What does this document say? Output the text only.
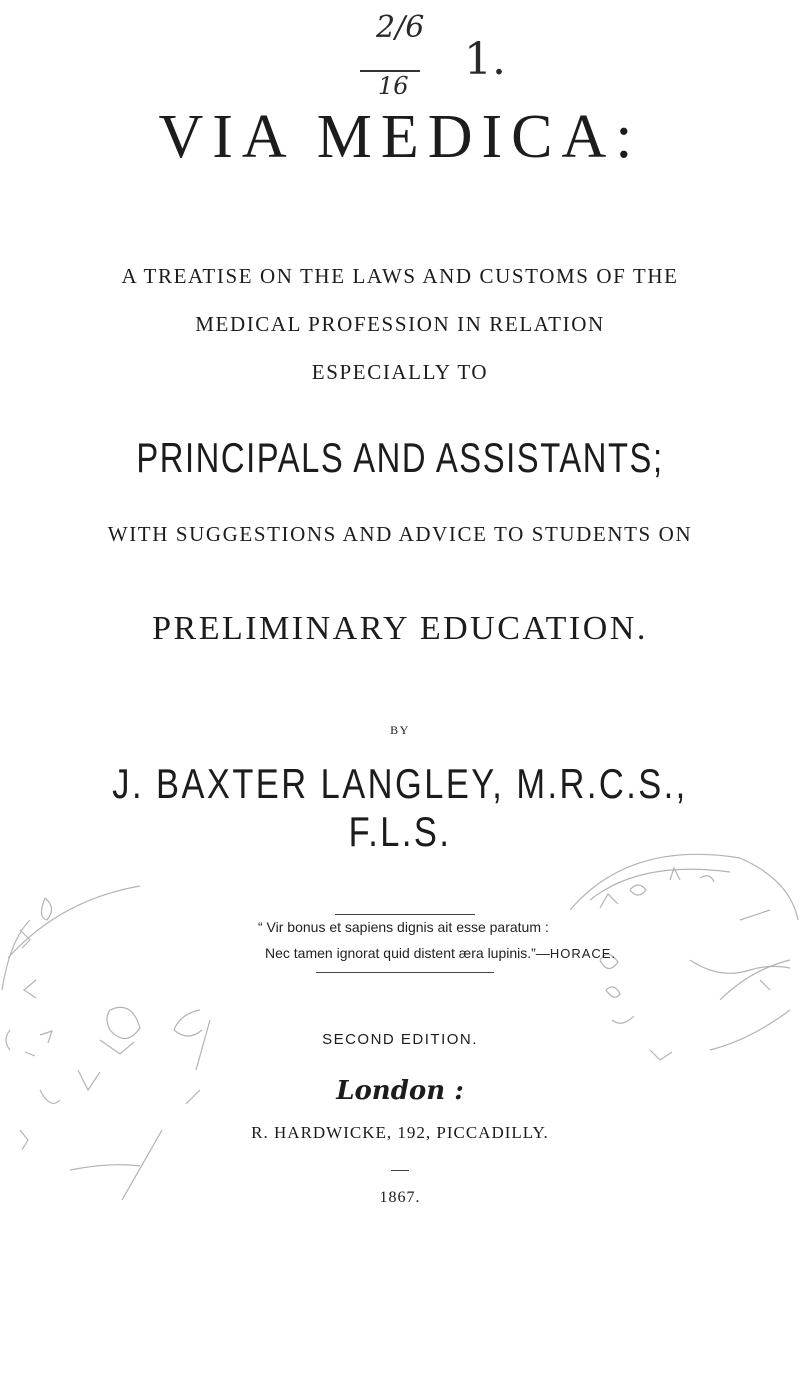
2/6
16
1.
VIA MEDICA:
A TREATISE ON THE LAWS AND CUSTOMS OF THE
MEDICAL PROFESSION IN RELATION
ESPECIALLY TO
PRINCIPALS AND ASSISTANTS;
WITH SUGGESTIONS AND ADVICE TO STUDENTS ON
PRELIMINARY EDUCATION.
BY
J. BAXTER LANGLEY, M.R.C.S., F.L.S.
“ Vir bonus et sapiens dignis ait esse paratum :
Nec tamen ignorat quid distent æra lupinis.”—HORACE.
SECOND EDITION.
London :
R. HARDWICKE, 192, PICCADILLY.
1867.
